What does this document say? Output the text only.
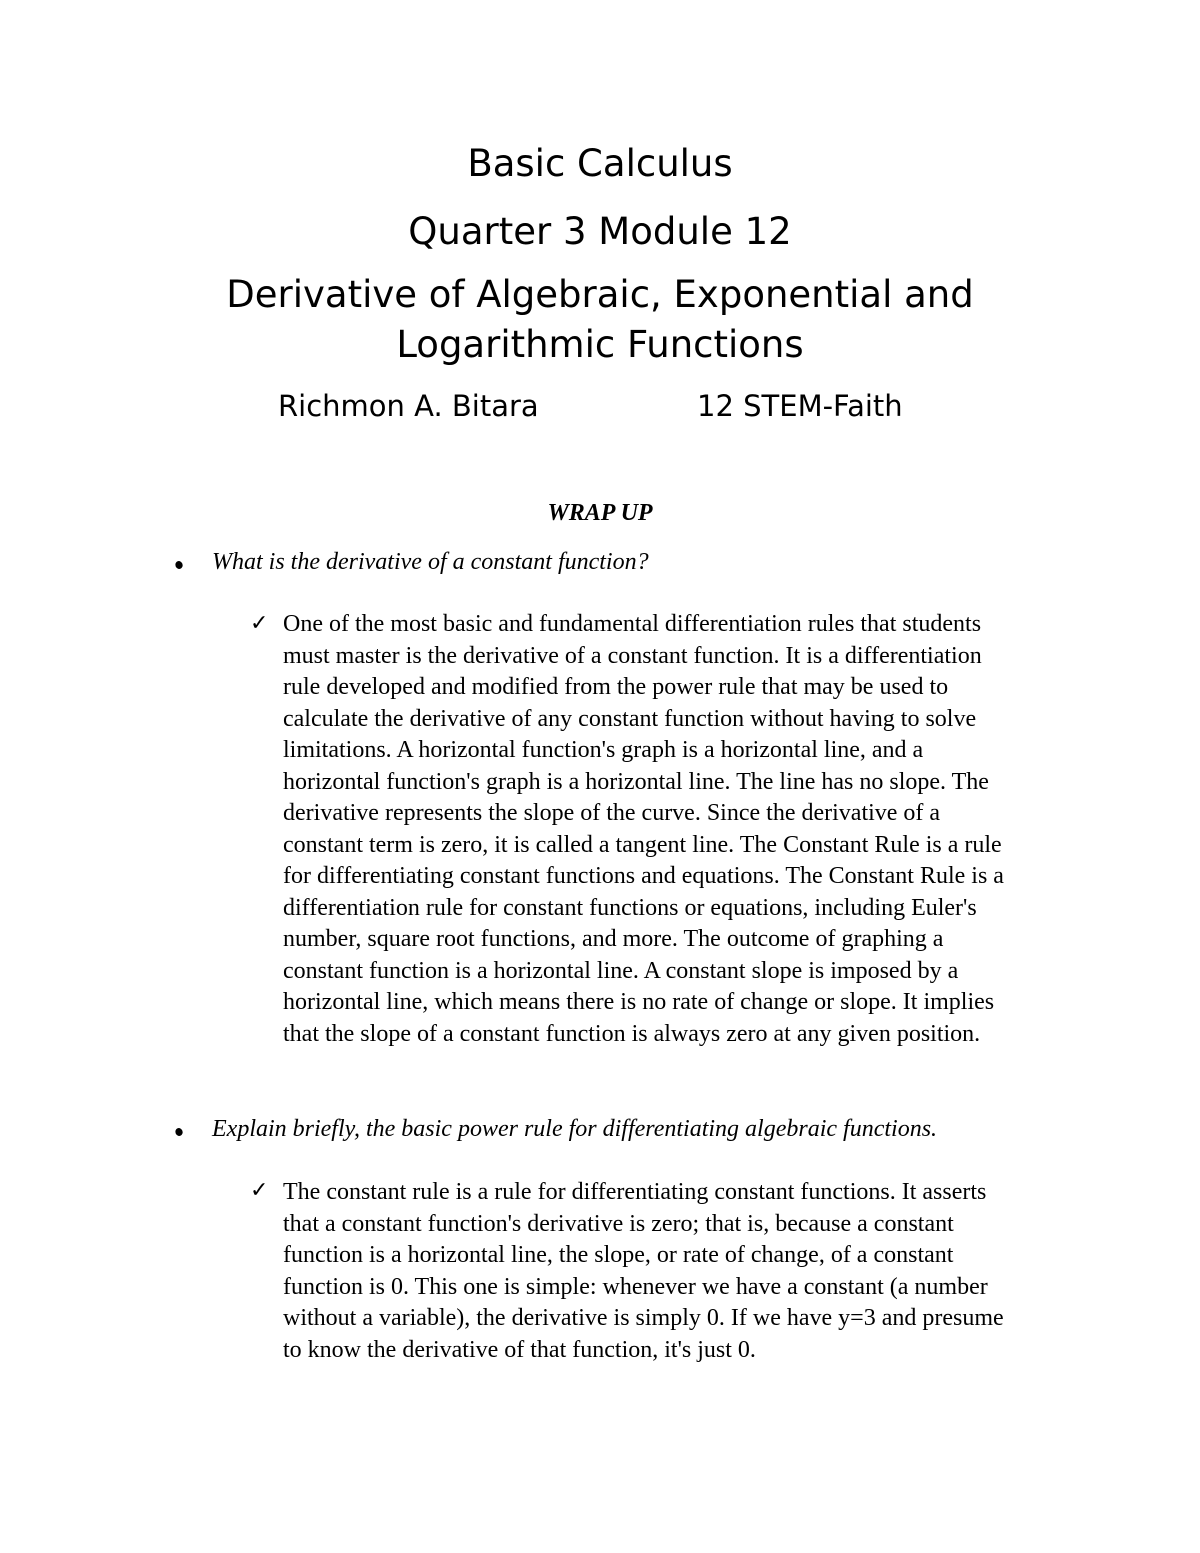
Basic Calculus
Quarter 3 Module 12
Derivative of Algebraic, Exponential and
Logarithmic Functions
Richmon A. Bitara	12 STEM-Faith
WRAP UP
What is the derivative of a constant function?
✓ One of the most basic and fundamental differentiation rules that students
must master is the derivative of a constant function. It is a differentiation
rule developed and modified from the power rule that may be used to
calculate the derivative of any constant function without having to solve
limitations. A horizontal function's graph is a horizontal line, and a
horizontal function's graph is a horizontal line. The line has no slope. The
derivative represents the slope of the curve. Since the derivative of a
constant term is zero, it is called a tangent line. The Constant Rule is a rule
for differentiating constant functions and equations. The Constant Rule is a
differentiation rule for constant functions or equations, including Euler's
number, square root functions, and more. The outcome of graphing a
constant function is a horizontal line. A constant slope is imposed by a
horizontal line, which means there is no rate of change or slope. It implies
that the slope of a constant function is always zero at any given position.
Explain briefly, the basic power rule for differentiating algebraic functions.
✓ The constant rule is a rule for differentiating constant functions. It asserts
that a constant function's derivative is zero; that is, because a constant
function is a horizontal line, the slope, or rate of change, of a constant
function is 0. This one is simple: whenever we have a constant (a number
without a variable), the derivative is simply 0. If we have y=3 and presume
to know the derivative of that function, it's just 0.
